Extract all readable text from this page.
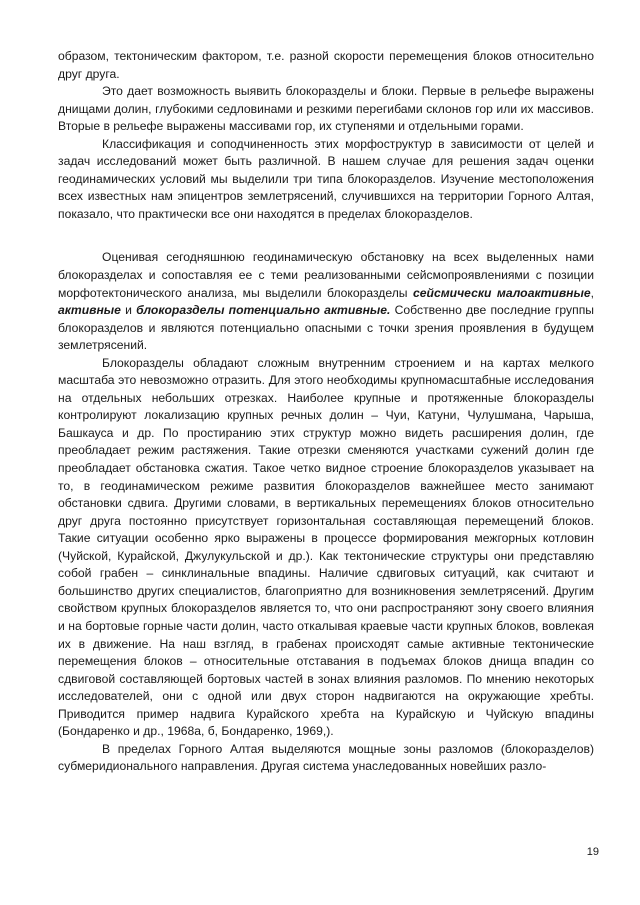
образом, тектоническим фактором, т.е. разной скорости перемещения блоков относительно друг друга.

Это дает возможность выявить блокоразделы и блоки. Первые в рельефе выражены днищами долин, глубокими седловинами и резкими перегибами склонов гор или их массивов. Вторые в рельефе выражены массивами гор, их ступенями и отдельными горами.

Классификация и соподчиненность этих морфоструктур в зависимости от целей и задач исследований может быть различной. В нашем случае для решения задач оценки геодинамических условий мы выделили три типа блокоразделов. Изучение местоположения всех известных нам эпицентров землетрясений, случившихся на территории Горного Алтая, показало, что практически все они находятся в пределах блокоразделов.

Оценивая сегодняшнюю геодинамическую обстановку на всех выделенных нами блокоразделах и сопоставляя ее с теми реализованными сейсмопроявлениями с позиции морфотектонического анализа, мы выделили блокоразделы сейсмически малоактивные, активные и блокоразделы потенциально активные. Собственно две последние группы блокоразделов и являются потенциально опасными с точки зрения проявления в будущем землетрясений.

Блокоразделы обладают сложным внутренним строением и на картах мелкого масштаба это невозможно отразить. Для этого необходимы крупномасштабные исследования на отдельных небольших отрезках. Наиболее крупные и протяженные блокоразделы контролируют локализацию крупных речных долин – Чуи, Катуни, Чулушмана, Чарыша, Башкауса и др. По простиранию этих структур можно видеть расширения долин, где преобладает режим растяжения. Такие отрезки сменяются участками сужений долин где преобладает обстановка сжатия. Такое четко видное строение блокоразделов указывает на то, в геодинамическом режиме развития блокоразделов важнейшее место занимают обстановки сдвига. Другими словами, в вертикальных перемещениях блоков относительно друг друга постоянно присутствует горизонтальная составляющая перемещений блоков. Такие ситуации особенно ярко выражены в процессе формирования межгорных котловин (Чуйской, Курайской, Джулукульской и др.). Как тектонические структуры они представляю собой грабен – синклинальные впадины. Наличие сдвиговых ситуаций, как считают и большинство других специалистов, благоприятно для возникновения землетрясений. Другим свойством крупных блокоразделов является то, что они распространяют зону своего влияния и на бортовые горные части долин, часто откалывая краевые части крупных блоков, вовлекая их в движение. На наш взгляд, в грабенах происходят самые активные тектонические перемещения блоков – относительные отставания в подъемах блоков днища впадин со сдвиговой составляющей бортовых частей в зонах влияния разломов. По мнению некоторых исследователей, они с одной или двух сторон надвигаются на окружающие хребты. Приводится пример надвига Курайского хребта на Курайскую и Чуйскую впадины (Бондаренко и др., 1968а, б, Бондаренко, 1969,).

В пределах Горного Алтая выделяются мощные зоны разломов (блокоразделов) субмеридионального направления. Другая система унаследованных новейших разло-

19
